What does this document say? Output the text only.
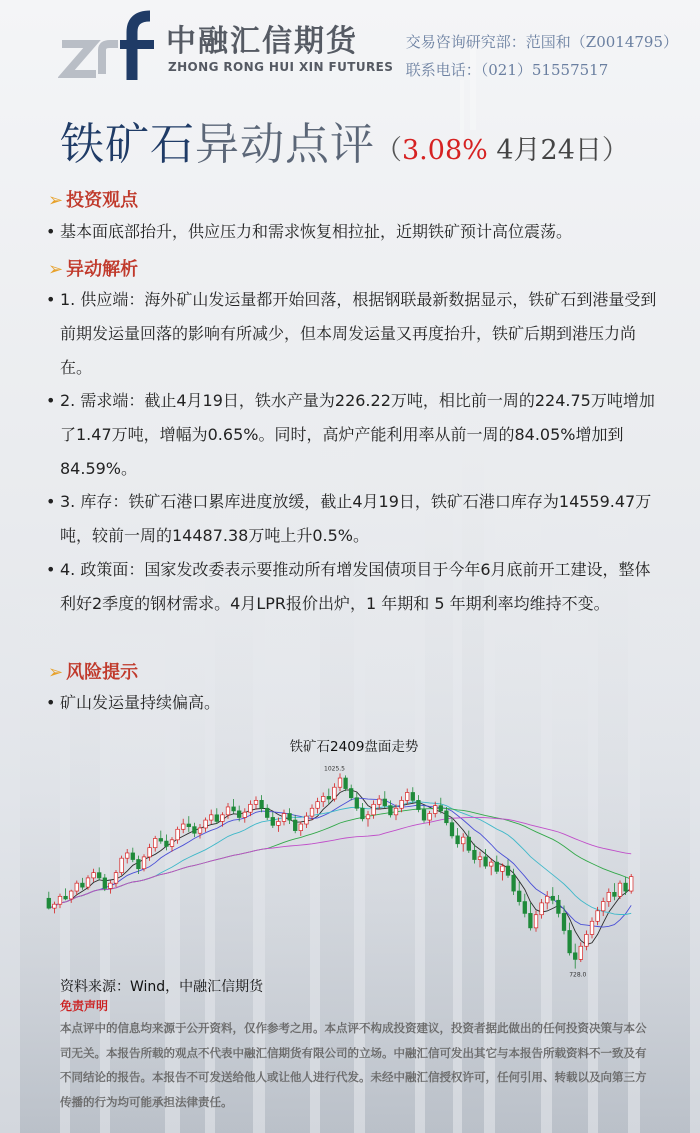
中融汇信期货
ZHONG RONG HUI XIN FUTURES
交易咨询研究部：范国和（Z0014795）
联系电话：（021）51557517
铁矿石异动点评（3.08% 4月24日）
➢ 投资观点
• 基本面底部抬升，供应压力和需求恢复相拉扯，近期铁矿预计高位震荡。
➢ 异动解析
• 1. 供应端：海外矿山发运量都开始回落，根据钢联最新数据显示，铁矿石到港量受到前期发运量回落的影响有所减少，但本周发运量又再度抬升，铁矿后期到港压力尚在。
• 2. 需求端：截止4月19日，铁水产量为226.22万吨，相比前一周的224.75万吨增加了1.47万吨，增幅为0.65%。同时，高炉产能利用率从前一周的84.05%增加到84.59%。
• 3. 库存：铁矿石港口累库进度放缓，截止4月19日，铁矿石港口库存为14559.47万吨，较前一周的14487.38万吨上升0.5%。
• 4. 政策面：国家发改委表示要推动所有增发国债项目于今年6月底前开工建设，整体利好2季度的钢材需求。4月LPR报价出炉，1 年期和 5 年期利率均维持不变。
➢ 风险提示
• 矿山发运量持续偏高。
铁矿石2409盘面走势
1025.5
728.0
资料来源：Wind，中融汇信期货
免责声明
本点评中的信息均来源于公开资料，仅作参考之用。本点评不构成投资建议，投资者据此做出的任何投资决策与本公司无关。本报告所载的观点不代表中融汇信期货有限公司的立场。中融汇信可发出其它与本报告所载资料不一致及有不同结论的报告。本报告不可发送给他人或让他人进行代发。未经中融汇信授权许可，任何引用、转载以及向第三方传播的行为均可能承担法律责任。
